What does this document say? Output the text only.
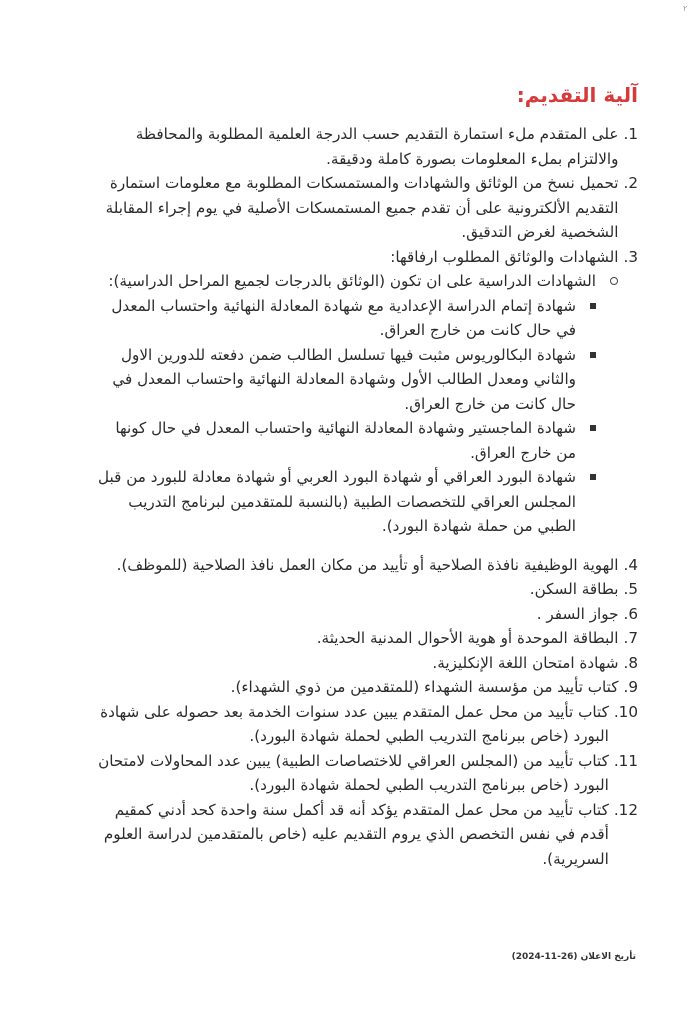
٢
آلية التقديم:
1.
على المتقدم ملء استمارة التقديم حسب الدرجة العلمية المطلوبة والمحافظة والالتزام بملء المعلومات بصورة كاملة ودقيقة.
2.
تحميل نسخ من الوثائق والشهادات والمستمسكات المطلوبة مع معلومات استمارة التقديم الألكترونية على أن تقدم جميع المستمسكات الأصلية في يوم إجراء المقابلة الشخصية لغرض التدقيق.
3.
الشهادات والوثائق المطلوب ارفاقها:
الشهادات الدراسية على ان تكون (الوثائق بالدرجات لجميع المراحل الدراسية):
شهادة إتمام الدراسة الإعدادية مع شهادة المعادلة النهائية واحتساب المعدل في حال كانت من خارج العراق.
شهادة البكالوريوس مثبت فيها تسلسل الطالب ضمن دفعته للدورين الاول والثاني ومعدل الطالب الأول وشهادة المعادلة النهائية واحتساب المعدل في حال كانت من خارج العراق.
شهادة الماجستير وشهادة المعادلة النهائية واحتساب المعدل في حال كونها من خارج العراق.
شهادة البورد العراقي أو شهادة البورد العربي أو شهادة معادلة للبورد من قبل المجلس العراقي للتخصصات الطبية (بالنسبة للمتقدمين لبرنامج التدريب الطبي من حملة شهادة البورد).
4.
الهوية الوظيفية نافذة الصلاحية أو تأييد من مكان العمل نافذ الصلاحية (للموظف).
5.
بطاقة السكن.
6.
جواز السفر .
7.
البطاقة الموحدة أو هوية الأحوال المدنية الحديثة.
8.
شهادة امتحان اللغة الإنكليزية.
9.
كتاب تأييد من مؤسسة الشهداء (للمتقدمين من ذوي الشهداء).
10.
كتاب تأييد من محل عمل المتقدم يبين عدد سنوات الخدمة بعد حصوله على شهادة البورد (خاص ببرنامج التدريب الطبي لحملة شهادة البورد).
11.
كتاب تأييد من (المجلس العراقي للاختصاصات الطبية) يبين عدد المحاولات لامتحان البورد (خاص ببرنامج التدريب الطبي لحملة شهادة البورد).
12.
كتاب تأييد من محل عمل المتقدم يؤكد أنه قد أكمل سنة واحدة كحد أدني كمقيم أقدم في نفس التخصص الذي يروم التقديم عليه (خاص بالمتقدمين لدراسة العلوم السريرية).
تأريخ الاعلان (26-11-2024)
